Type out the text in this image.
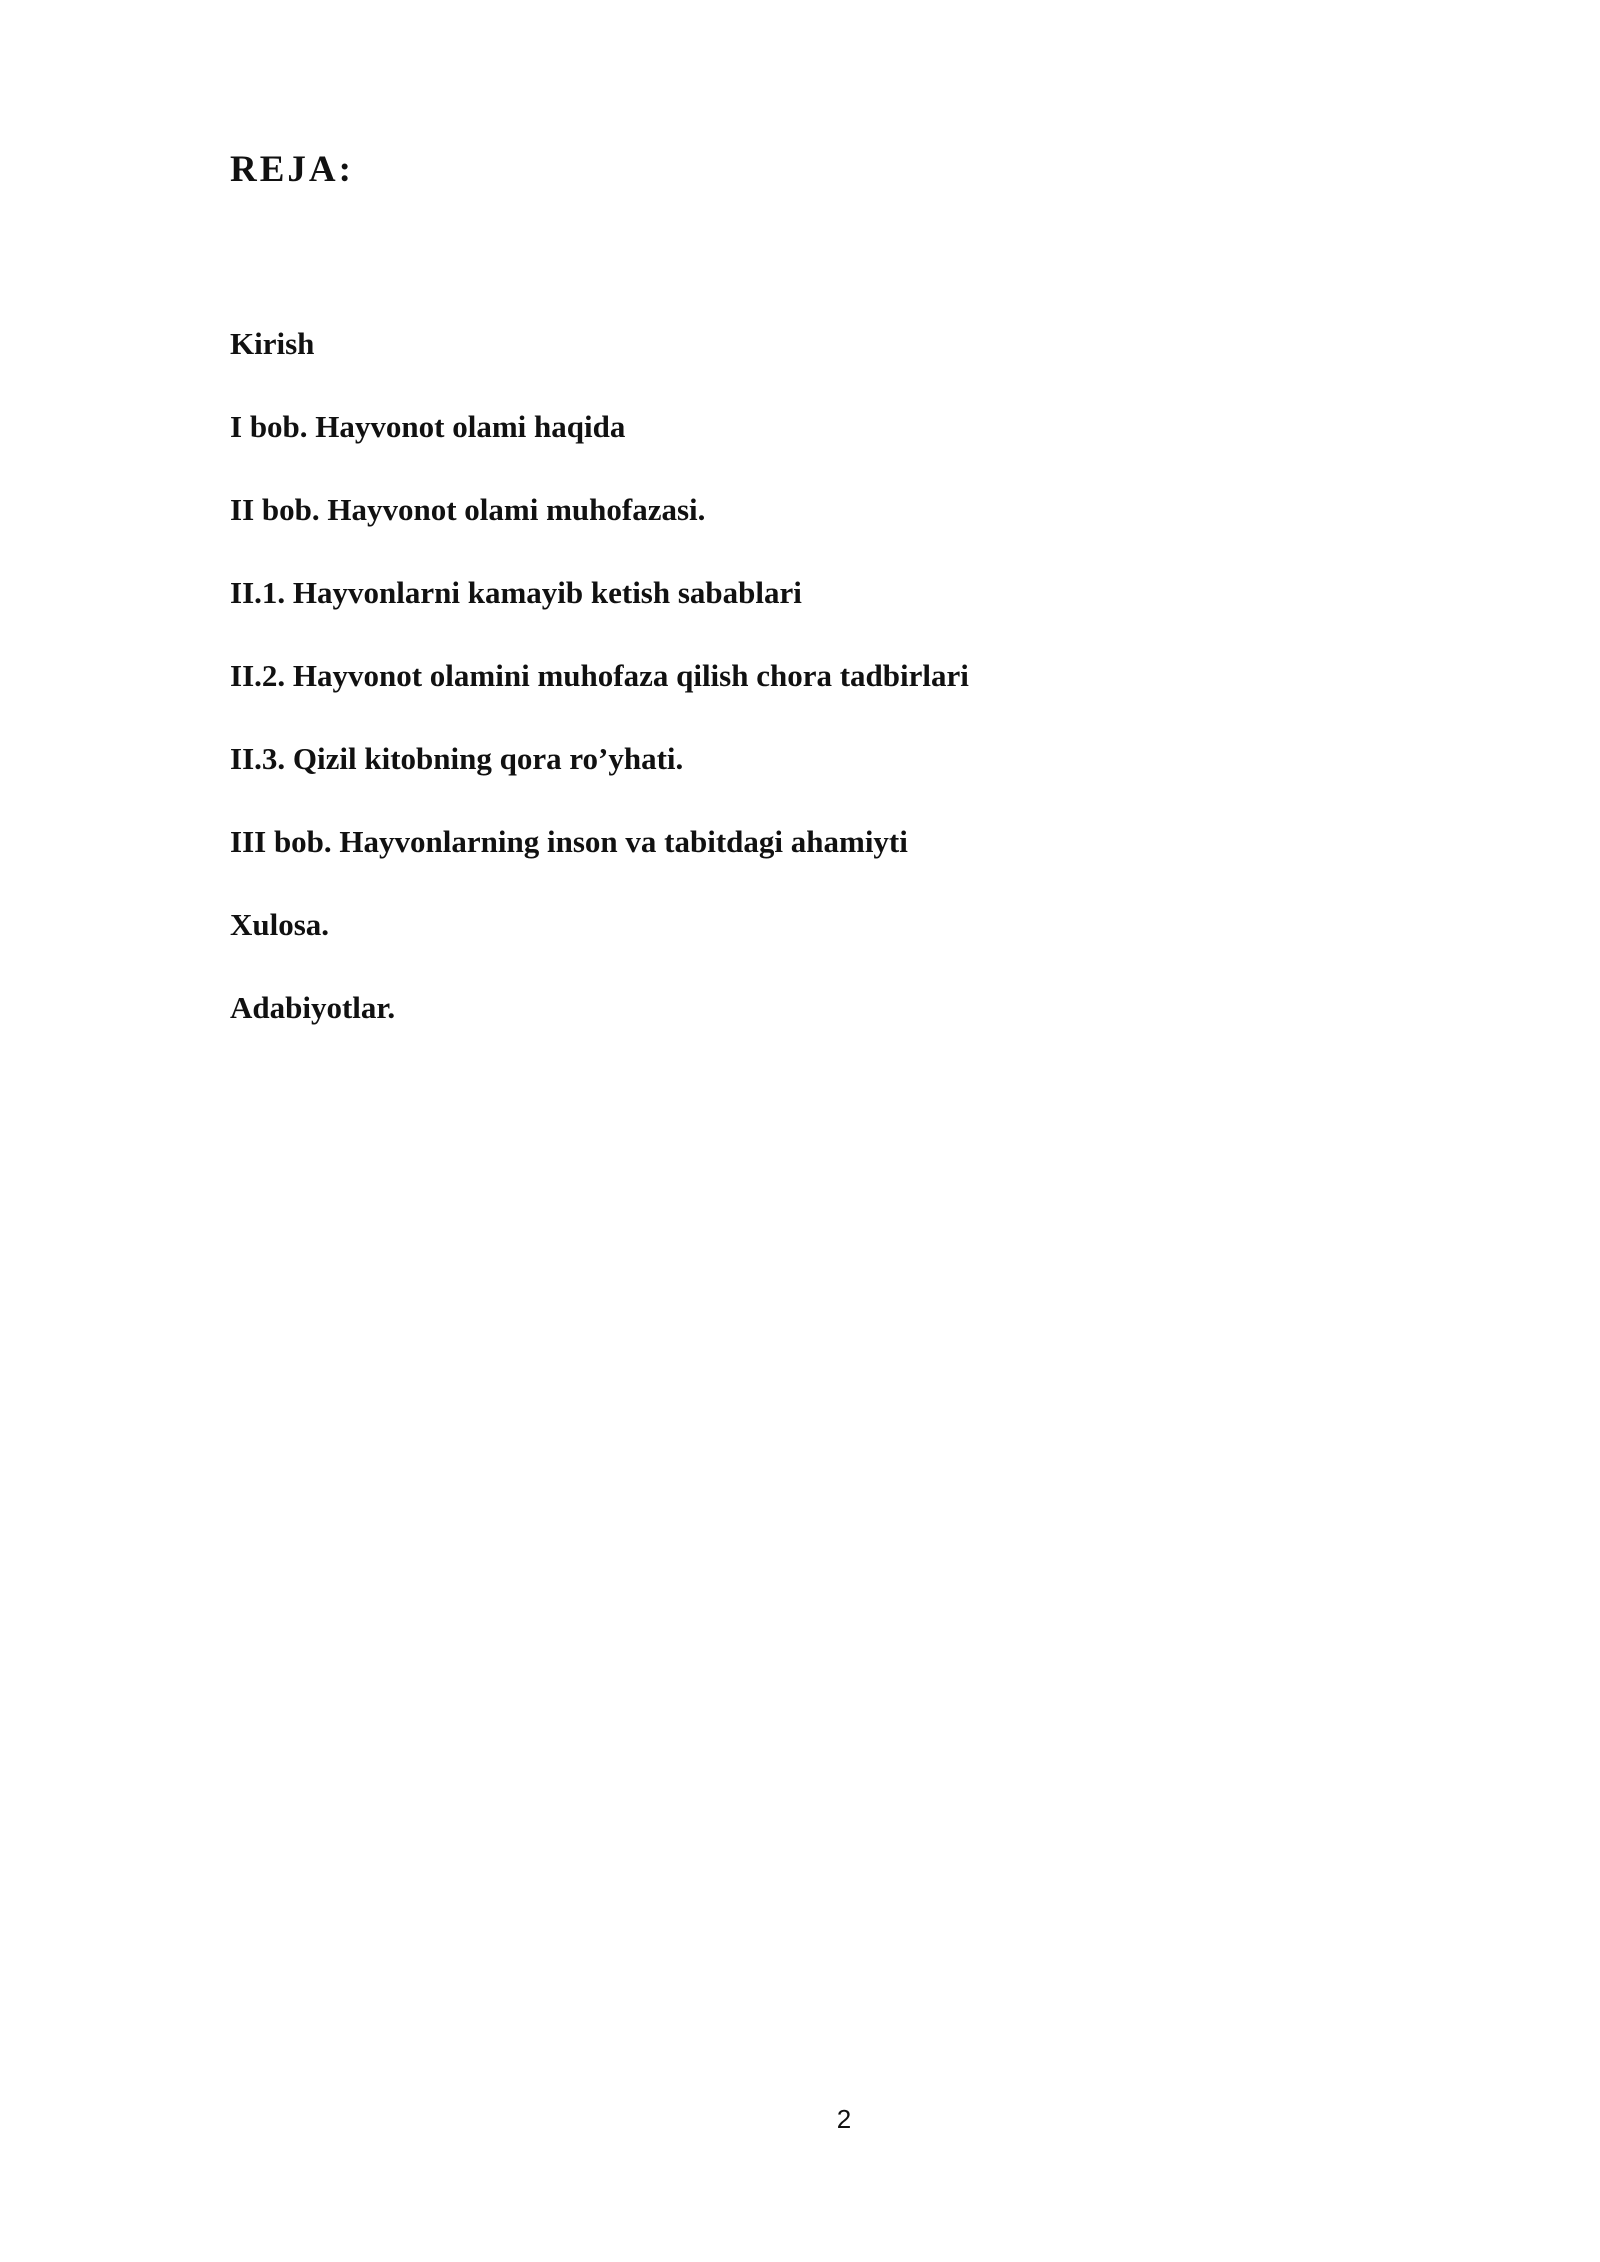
REJA:
Kirish
I bob. Hayvonot olami haqida
II bob. Hayvonot olami muhofazasi.
II.1. Hayvonlarni kamayib ketish sabablari
II.2. Hayvonot olamini muhofaza qilish chora tadbirlari
II.3. Qizil kitobning qora ro’yhati.
III bob. Hayvonlarning inson va tabitdagi ahamiyti
Xulosa.
Adabiyotlar.
2
